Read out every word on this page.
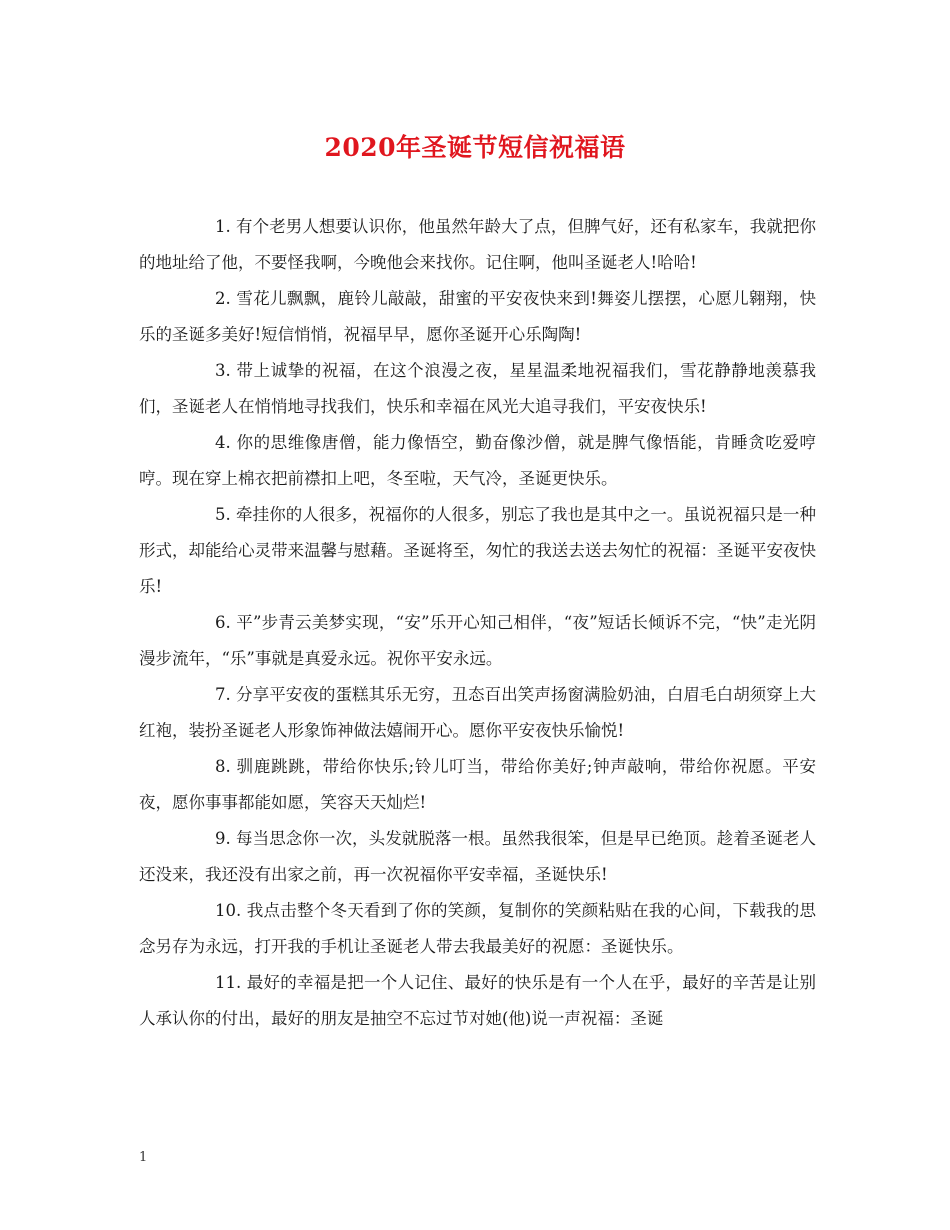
2020年圣诞节短信祝福语

1. 有个老男人想要认识你，他虽然年龄大了点，但脾气好，还有私家车，我就把你的地址给了他，不要怪我啊，今晚他会来找你。记住啊，他叫圣诞老人!哈哈!

2. 雪花儿飘飘，鹿铃儿敲敲，甜蜜的平安夜快来到!舞姿儿摆摆，心愿儿翱翔，快乐的圣诞多美好!短信悄悄，祝福早早，愿你圣诞开心乐陶陶!

3. 带上诚挚的祝福，在这个浪漫之夜，星星温柔地祝福我们，雪花静静地羡慕我们，圣诞老人在悄悄地寻找我们，快乐和幸福在风光大追寻我们，平安夜快乐!

4. 你的思维像唐僧，能力像悟空，勤奋像沙僧，就是脾气像悟能，肯睡贪吃爱哼哼。现在穿上棉衣把前襟扣上吧，冬至啦，天气冷，圣诞更快乐。

5. 牵挂你的人很多，祝福你的人很多，别忘了我也是其中之一。虽说祝福只是一种形式，却能给心灵带来温馨与慰藉。圣诞将至，匆忙的我送去送去匆忙的祝福：圣诞平安夜快乐!

6. 平”步青云美梦实现，“安”乐开心知己相伴，“夜”短话长倾诉不完，“快”走光阴漫步流年，“乐”事就是真爱永远。祝你平安永远。

7. 分享平安夜的蛋糕其乐无穷，丑态百出笑声扬窗满脸奶油，白眉毛白胡须穿上大红袍，装扮圣诞老人形象饰神做法嬉闹开心。愿你平安夜快乐愉悦!

8. 驯鹿跳跳，带给你快乐;铃儿叮当，带给你美好;钟声敲响，带给你祝愿。平安夜，愿你事事都能如愿，笑容天天灿烂!

9. 每当思念你一次，头发就脱落一根。虽然我很笨，但是早已绝顶。趁着圣诞老人还没来，我还没有出家之前，再一次祝福你平安幸福，圣诞快乐!

10. 我点击整个冬天看到了你的笑颜，复制你的笑颜粘贴在我的心间，下载我的思念另存为永远，打开我的手机让圣诞老人带去我最美好的祝愿：圣诞快乐。

11. 最好的幸福是把一个人记住、最好的快乐是有一个人在乎，最好的辛苦是让别人承认你的付出，最好的朋友是抽空不忘过节对她(他)说一声祝福：圣诞

1
